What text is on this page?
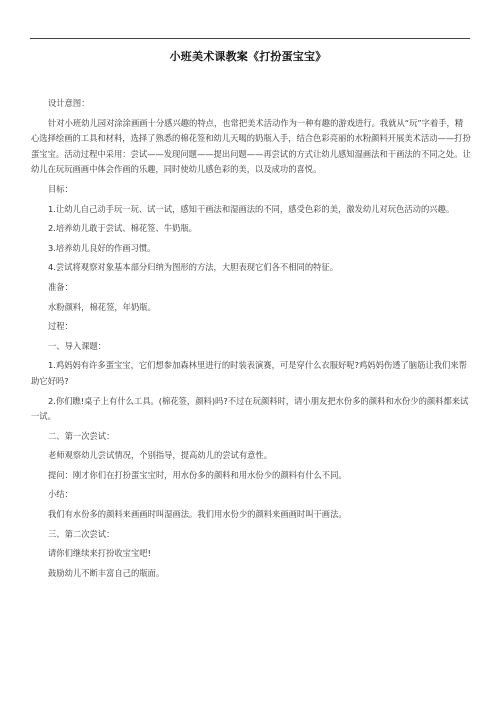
小班美术课教案《打扮蛋宝宝》

设计意图：

针对小班幼儿园对涂涂画画十分感兴趣的特点，也常把美术活动作为一种有趣的游戏进行。我就从“玩”字着手，精心选择绘画的工具和材料，选择了熟悉的棉花签和幼儿天喝的奶瓶入手，结合色彩亮丽的水粉颜料开展美术活动——打扮蛋宝宝。活动过程中采用：尝试——发现问题——提出问题——再尝试的方式让幼儿感知湿画法和干画法的不同之处。让幼儿在玩玩画画中体会作画的乐趣，同时使幼儿感色彩的美，以及成功的喜悦。

目标：

1.让幼儿自己动手玩一玩、试一试，感知干画法和湿画法的不同，感受色彩的美，激发幼儿对玩色活动的兴趣。

2.培养幼儿敢于尝试、棉花签、牛奶瓶。

3.培养幼儿良好的作画习惯。

4.尝试将观察对象基本部分归纳为图形的方法，大胆表现它们各不相同的特征。

准备：

水粉颜料，棉花签，年奶瓶。

过程：

一、导入课题：

1.鸡妈妈有许多蛋宝宝，它们想参加森林里进行的时装表演赛，可是穿什么衣服好呢?鸡妈妈伤透了脑筋让我们来帮助它好吗?

2.你们瞧!桌子上有什么工具。(棉花签，颜料)吗?不过在玩颜料时，请小朋友把水份多的颜料和水份少的颜料都来试一试。

二、第一次尝试：

老师观察幼儿尝试情况，个别指导，提高幼儿的尝试有意性。

提问：刚才你们在打扮蛋宝宝时，用水份多的颜料和用水份少的颜料有什么不同。

小结：

我们有水份多的颜料来画画时叫湿画法。我们用水份少的颜料来画画时叫干画法。

三、第二次尝试：

请你们继续来打扮收宝宝吧!

鼓励幼儿不断丰富自己的瓶面。
